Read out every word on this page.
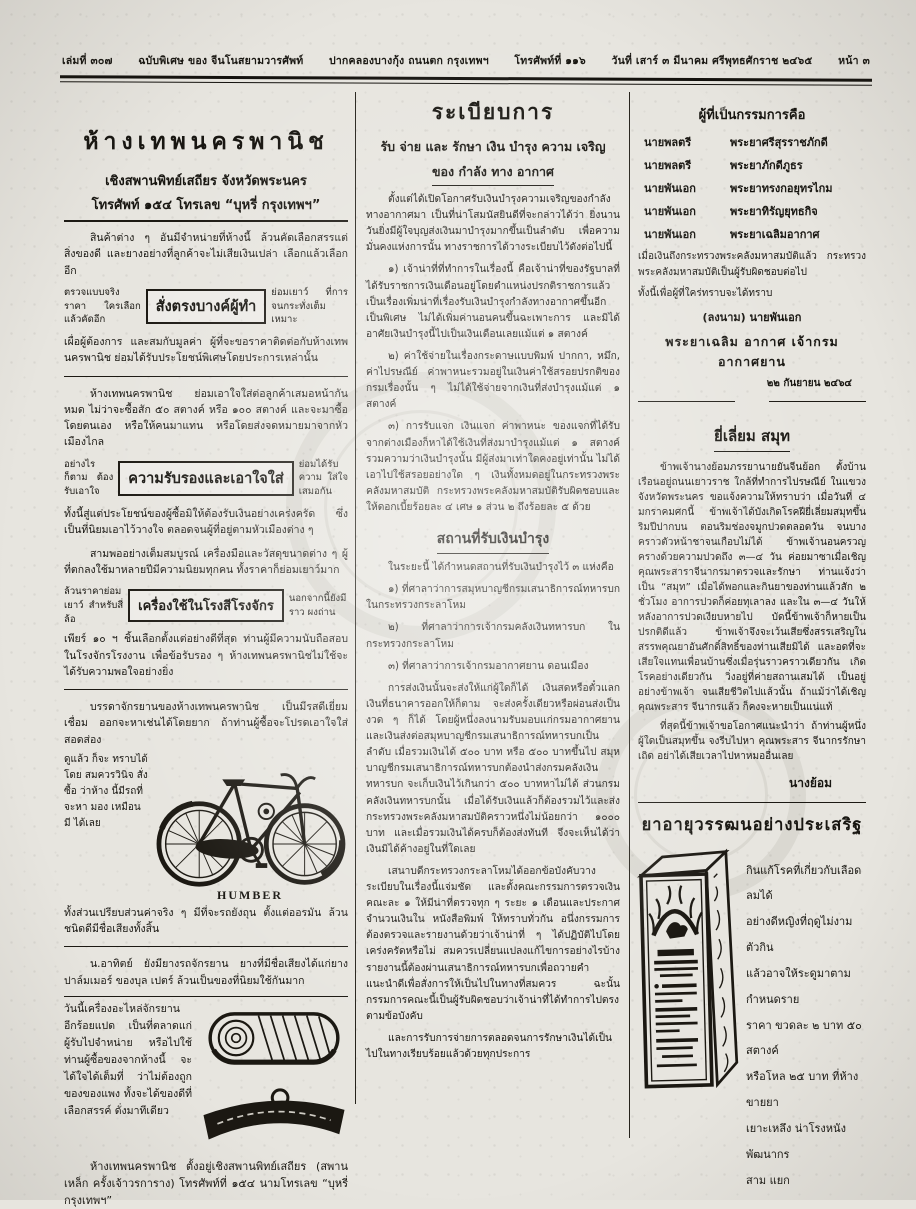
เล่มที่ ๓๐๗ ฉบับพิเศษ ของ จีนโนสยามวารศัพท์ ปากคลองบางกุ้ง ถนนตก กรุงเทพฯ โทรศัพท์ที่ ๑๑๖ วันที่ เสาร์ ๓ มีนาคม ศรีพุทธศักราช ๒๔๖๕ หน้า ๓
ห้างเทพนครพานิช
เชิงสพานพิทย์เสถียร จังหวัดพระนคร
โทรศัพท์ ๑๕๔ โทรเลข “บุหรี่ กรุงเทพฯ”
สินค้าต่าง ๆ อันมีจำหน่ายที่ห้างนี้ ล้วนคัดเลือกสรรแต่สิ่งของดี และยางอย่างที่ลูกค้าจะไม่เสียเงินเปล่า เลือกแล้วเลือกอีก
ตรวจแบบจริงราคา ใครเลือกแล้วคัดอีก
สั่งตรงบางค์ผู้ทำ
ย่อมเยาว์ ที่การ จนกระทั่งเต็มเหมาะ
เผื่อผู้ต้องการ และสมกับมูลค่า ผู้ที่จะขอราคาติดต่อกับห้างเทพนครพานิช ย่อมได้รับประโยชน์พิเศษโดยประการเหล่านั้น
ห้างเทพนครพานิช ย่อมเอาใจใส่ต่อลูกค้าเสมอหน้ากันหมด ไม่ว่าจะซื้อสัก ๕๐ สตางค์ หรือ ๑๐๐ สตางค์ และจะมาซื้อโดยตนเอง หรือให้คนมาแทน หรือโดยส่งจดหมายมาจากหัวเมืองไกล
อย่างไรก็ตาม ต้องรับเอาใจ
ความรับรองและเอาใจใส่
ย่อมได้รับความ ใส่ใจเสมอกัน
ทั้งนี้สู่แต่ประโยชน์ของผู้ซื้อมิให้ต้องรับเงินอย่างเคร่งครัด ซึ่งเป็นที่นิยมเอาไว้วางใจ ตลอดจนผู้ที่อยู่ตามหัวเมืองต่าง ๆ
สามพออย่างเต็มสมบูรณ์ เครื่องมือและวัสดุขนาดต่าง ๆ ผู้ที่ตกลงใช้มาหลายปีมีความนิยมทุกคน ทั้งราคาก็ย่อมเยาว์มาก
ล้วนราคาย่อมเยาว์ สำหรับสี่ล้อ
เครื่องใช้ในโรงสีโรงจักร
นอกจากนี้ยังมี ราว ผงถ่าน
เพียร์ ๑๐ ฯ ชิ้นเลือกตั้งแต่อย่างดีที่สุด ท่านผู้มีความนับถือสอบในโรงจักรโรงงาน เพื่อข้อรับรอง ๆ ห้างเทพนครพานิชไม่ใช้จะได้รับความพอใจอย่างยิ่ง
บรรดาจักรยานของห้างเทพนครพานิช เป็นมีรสดีเยี่ยมเชื่อม ออกจะหาเช่นได้โดยยาก ถ้าท่านผู้ซื้อจะโปรดเอาใจใส่สอดส่อง
ดูแล้ว ก็จะ ทราบได้โดย สมควรวินิจ สั่งซื้อ ว่าห้าง นี้มีรถที่จะหา มอง เหมือน มี ได้เลย
HUMBER
ทั้งส่วนเปรียบส่วนค่าจริง ๆ มีที่จะรถยังถุน ตั้งแต่ออรมัน ล้วนชนิดดีมีชื่อเสียงทั้งสิ้น
น.อาทิตย์ ยังมียางรถจักรยาน ยางที่มีชื่อเสียงได้แก่ยางปาล์มเมอร์ ของบุล เปตร์ ล้วนเป็นของที่นิยมใช้กันมาก
วันนี้เครื่องอะไหล่จักรยานอีกร้อยแปด เป็นที่ตลาดแก่ผู้รับไปจำหน่าย หรือไปใช้ ท่านผู้ซื้อของจากห้างนี้ จะได้ใจได้เต็มที่ ว่าไม่ต้องถูกของของแพง ทั้งจะได้ของดีที่เลือกสรรค์ ดั่งมาทีเดียว
ห้างเทพนครพานิช ตั้งอยู่เชิงสพานพิทย์เสถียร (สพานเหล็ก ครั้งเจ้าวรการาง) โทรศัพท์ที่ ๑๕๔ นามโทรเลข “บุหรี่ กรุงเทพฯ”
ระเบียบการ
รับ จ่าย และ รักษา เงิน บำรุง ความ เจริญ
ของ กำลัง ทาง อากาศ
ตั้งแต่ได้เปิดโอกาศรับเงินบำรุงความเจริญของกำลังทางอากาศมา เป็นที่น่าโสมนัสยินดีที่จะกล่าวได้ว่า ยิ่งนานวันยิ่งมีผู้ใจบุญส่งเงินมาบำรุงมากขึ้นเป็นลำดับ เพื่อความมั่นคงแห่งการนั้น ทางราชการได้วางระเบียบไว้ดังต่อไปนี้
๑) เจ้าน่าที่ที่ทำการในเรื่องนี้ คือเจ้าน่าที่ของรัฐบาลที่ได้รับราชการเงินเดือนอยู่โดยตำแหน่งปรกติราชการแล้ว เป็นเรื่องเพิ่มน่าที่เรื่องรับเงินบำรุงกำลังทางอากาศขึ้นอีกเป็นพิเศษ ไม่ได้เพิ่มค่านอนคนขึ้นฉะเพาะการ และมิได้อาศัยเงินบำรุงนี้ไปเป็นเงินเดือนเลยแม้แต่ ๑ สตางค์
๒) ค่าใช้จ่ายในเรื่องกระดาษแบบพิมพ์ ปากกา, หมึก, ค่าไปรษณีย์ ค่าพาหนะรวมอยู่ในเงินค่าใช้สรอยปรกติของกรมเรื่องนั้น ๆ ไม่ได้ใช้จ่ายจากเงินที่ส่งบำรุงแม้แต่ ๑ สตางค์
๓) การรับแจก เงินแจก ค่าพาหนะ ของแจกที่ได้รับจากต่างเมืองก็หาได้ใช้เงินที่ส่งมาบำรุงแม้แต่ ๑ สตางค์ รวมความว่าเงินบำรุงนั้น มีผู้ส่งมาเท่าใดคงอยู่เท่านั้น ไม่ได้เอาไปใช้สรอยอย่างใด ๆ เงินทั้งหมดอยู่ในกระทรวงพระคลังมหาสมบัติ กระทรวงพระคลังมหาสมบัติรับผิดชอบและให้ดอกเบี้ยร้อยละ ๔ เศษ ๑ ส่วน ๒ ถึงร้อยละ ๕ ด้วย
สถานที่รับเงินบำรุง
ในระยะนี้ ได้กำหนดสถานที่รับเงินบำรุงไว้ ๓ แห่งคือ
๑) ที่ศาลาว่าการสมุหบาญชีกรมเสนาธิการณ์ทหารบก ในกระทรวงกระลาโหม
๒) ที่ศาลาว่าการเจ้ากรมคลังเงินทหารบก ในกระทรวงกระลาโหม
๓) ที่ศาลาว่าการเจ้ากรมอากาศยาน ดอนเมือง
การส่งเงินนั้นจะส่งให้แก่ผู้ใดก็ได้ เงินสดหรือตั๋วแลกเงินที่ธนาคารออกให้ก็ตาม จะส่งครั้งเดียวหรือผ่อนส่งเป็นงวด ๆ ก็ได้ โดยผู้หนึ่งลงนามรับมอบแก่กรมอากาศยาน และเงินส่งต่อสมุหบาญชีกรมเสนาธิการณ์ทหารบกเป็นลำดับ เมื่อรวมเงินได้ ๕๐๐ บาท หรือ ๕๐๐ บาทขึ้นไป สมุหบาญชีกรมเสนาธิการณ์ทหารบกต้องนำส่งกรมคลังเงินทหารบก จะเก็บเงินไว้เกินกว่า ๕๐๐ บาทหาไม่ได้ ส่วนกรมคลังเงินทหารบกนั้น เมื่อได้รับเงินแล้วก็ต้องรวมไว้และส่งกระทรวงพระคลังมหาสมบัติคราวหนึ่งไม่น้อยกว่า ๑๐๐๐ บาท และเมื่อรวมเงินได้ครบก็ต้องส่งทันที จึงจะเห็นได้ว่าเงินมิได้ค้างอยู่ในที่ใดเลย
เสนาบดีกระทรวงกระลาโหมได้ออกข้อบังคับวางระเบียบในเรื่องนี้แจ่มชัด และตั้งคณะกรรมการตรวจเงินคณะละ ๑ ให้มีน่าที่ตรวจทุก ๆ ระยะ ๑ เดือนและประกาศจำนวนเงินใน หนังสือพิมพ์ ให้ทราบทั่วกัน อนึ่งกรรมการต้องตรวจและรายงานด้วยว่าเจ้าน่าที่ ๆ ได้ปฏิบัติไปโดยเคร่งครัดหรือไม่ สมควรเปลี่ยนแปลงแก้ไขการอย่างไรบ้าง รายงานนี้ต้องผ่านเสนาธิการณ์ทหารบกเพื่อถวายคำแนะนำดีเพื่อสั่งการให้เป็นไปในทางที่สมควร ฉะนั้นกรรมการคณะนี้เป็นผู้รับผิดชอบว่าเจ้าน่าที่ได้ทำการไปตรงตามข้อบังคับ
และการรับการจ่ายการตลอดจนการรักษาเงินได้เป็นไปในทางเรียบร้อยแล้วด้วยทุกประการ
ผู้ที่เป็นกรรมการคือ
นายพลตรี	พระยาศรีสุรราชภักดี
นายพลตรี	พระยาภักดีภูธร
นายพันเอก	พระยาทรงกอยุทรไกม
นายพันเอก	พระยาทิรัญยุทธกิจ
นายพันเอก	พระยาเฉลิมอากาศ
เมื่อเงินถึงกระทรวงพระคลังมหาสมบัติแล้ว กระทรวงพระคลังมหาสมบัติเป็นผู้รับผิดชอบต่อไป
ทั้งนี้เพื่อผู้ที่ใคร่ทราบจะได้ทราบ
(ลงนาม) นายพันเอก
พระยาเฉลิม อากาศ เจ้ากรม อากาศยาน
๒๒ กันยายน ๒๔๖๔
ยี่เลี่ยม สมุท
ข้าพเจ้านางย้อมภรรยานายยันจีนย้อก ตั้งบ้านเรือนอยู่ถนนเยาวราช ใกล้ที่ทำการไปรษณีย์ ในแขวงจังหวัดพระนคร ขอแจ้งความให้ทราบว่า เมื่อวันที่ ๔ มกราคมศกนี้ ข้าพเจ้าได้บังเกิดโรคฝียี่เลี่ยมสมุทขึ้นริมปีปากบน ตอนริมช่องจมูกปวดตลอดวัน จนบางคราวตัวหน้าชาจนเกือบไม่ได้ ข้าพเจ้านอนครวญครางด้วยความปวดถึง ๓—๔ วัน ค่อยมาซาเมื่อเชิญคุณพระสาราจีนากรมาตรวจและรักษา ท่านแจ้งว่าเป็น “สมุท” เมื่อได้พอกและกินยาของท่านแล้วสัก ๒ ชั่วโมง อาการปวดก็ค่อยทุเลาลง และใน ๓—๔ วันให้หลังอาการปวดเงียบหายไป บัดนี้ข้าพเจ้าก็หายเป็นปรกติดีแล้ว ข้าพเจ้าจึงจะเว้นเสียซึ่งสรรเสริญในสรรพคุณยาอันศักดิ์สิทธิ์ของท่านเสียมิได้ และอดที่จะเสียใจแทนเพื่อนบ้านซึ่งเมื่อรุ่นราวคราวเดียวกัน เกิดโรคอย่างเดียวกัน วิ่งอยู่ที่ค่ายสถานเสมได้ เป็นอยู่อย่างข้าพเจ้า จนเสียชีวิตไปแล้วนั้น ถ้าแม้ว่าได้เชิญคุณพระสาร จีนากรแล้ว ก็คงจะหายเป็นแน่แท้
ที่สุดนี้ข้าพเจ้าขอโอกาศแนะนำว่า ถ้าท่านผู้หนึ่งผู้ใดเป็นสมุทขึ้น จงรีบไปหา คุณพระสาร จีนากรรักษาเถิด อย่าได้เสียเวลาไปหาหมออื่นเลย
นางย้อม
ยาอายุวรรฒนอย่างประเสริฐ
กินแก้โรคที่เกี่ยวกับเลือดลมได้
อย่างดีหญิงที่ฤดูไม่งาม ตัวกิน
แล้วอาจให้ระดูมาตามกำหนดราย
ราคา ขวดละ ๒ บาท ๕๐ สตางค์
หรือโหล ๒๕ บาท ที่ห้าง ขายยา
เยาะเหลึง น่าโรงหนังพัฒนากร
สาม แยก
